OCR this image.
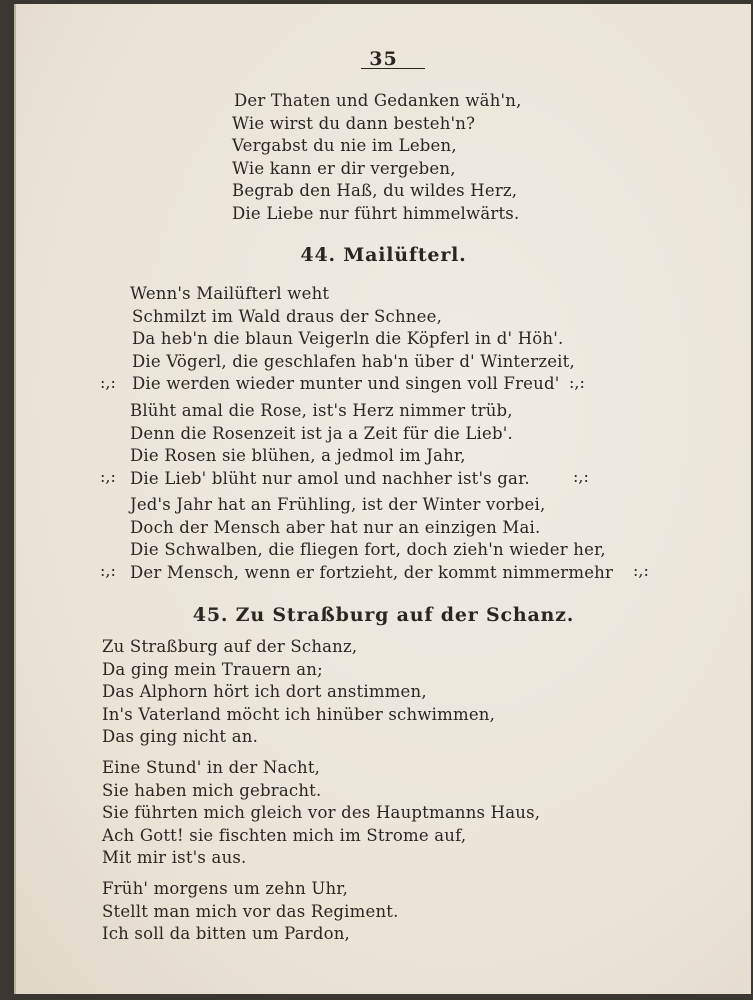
35
Der Thaten und Gedanken wäh'n,
Wie wirst du dann besteh'n?
Vergabst du nie im Leben,
Wie kann er dir vergeben,
Begrab den Haß, du wildes Herz,
Die Liebe nur führt himmelwärts.
44. Mailüfterl.
Wenn's Mailüfterl weht
Schmilzt im Wald draus der Schnee,
Da heb'n die blaun Veigerln die Köpferl in d' Höh'.
Die Vögerl, die geschlafen hab'n über d' Winterzeit,
Die werden wieder munter und singen voll Freud'
:,:	:,:
Blüht amal die Rose, ist's Herz nimmer trüb,
Denn die Rosenzeit ist ja a Zeit für die Lieb'.
Die Rosen sie blühen, a jedmol im Jahr,
Die Lieb' blüht nur amol und nachher ist's gar.
:,:	:,:
Jed's Jahr hat an Frühling, ist der Winter vorbei,
Doch der Mensch aber hat nur an einzigen Mai.
Die Schwalben, die fliegen fort, doch zieh'n wieder her,
Der Mensch, wenn er fortzieht, der kommt nimmermehr
:,:	:,:
45. Zu Straßburg auf der Schanz.
Zu Straßburg auf der Schanz,
Da ging mein Trauern an;
Das Alphorn hört ich dort anstimmen,
In's Vaterland möcht ich hinüber schwimmen,
Das ging nicht an.
Eine Stund' in der Nacht,
Sie haben mich gebracht.
Sie führten mich gleich vor des Hauptmanns Haus,
Ach Gott! sie fischten mich im Strome auf,
Mit mir ist's aus.
Früh' morgens um zehn Uhr,
Stellt man mich vor das Regiment.
Ich soll da bitten um Pardon,
